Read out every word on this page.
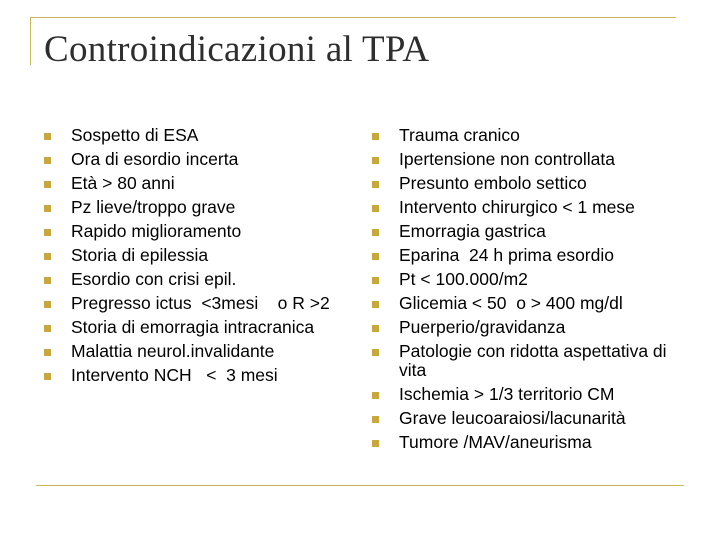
Controindicazioni al TPA
Sospetto di ESA
Ora di esordio incerta
Età > 80 anni
Pz lieve/troppo grave
Rapido miglioramento
Storia di epilessia
Esordio con crisi epil.
Pregresso ictus  <3mesi    o R >2
Storia di emorragia intracranica
Malattia neurol.invalidante
Intervento NCH   <  3 mesi
Trauma cranico
Ipertensione non controllata
Presunto embolo settico
Intervento chirurgico < 1 mese
Emorragia gastrica
Eparina  24 h prima esordio
Pt < 100.000/m2
Glicemia < 50  o > 400 mg/dl
Puerperio/gravidanza
Patologie con ridotta aspettativa di vita
Ischemia > 1/3 territorio CM
Grave leucoaraiosi/lacunarità
Tumore /MAV/aneurisma
